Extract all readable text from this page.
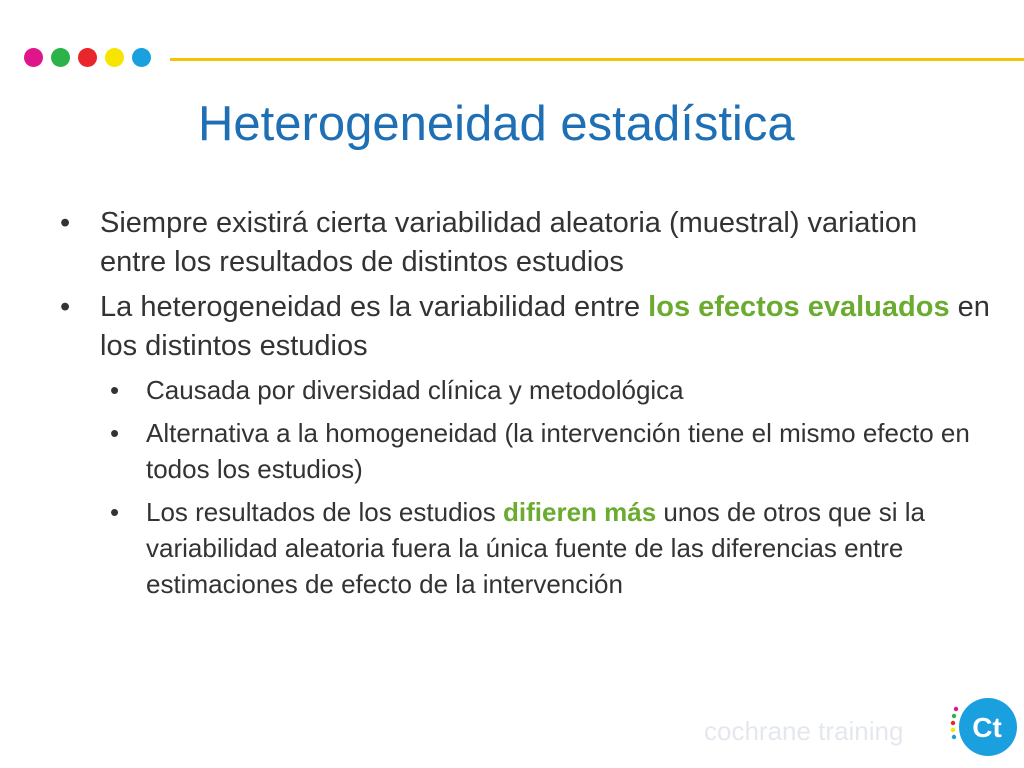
Heterogeneidad estadística
• Siempre existirá cierta variabilidad aleatoria (muestral) variation entre los resultados de distintos estudios
• La heterogeneidad es la variabilidad entre los efectos evaluados en los distintos estudios
• Causada por diversidad clínica y metodológica
• Alternativa a la homogeneidad (la intervención tiene el mismo efecto en todos los estudios)
• Los resultados de los estudios difieren más unos de otros que si la variabilidad aleatoria fuera la única fuente de las diferencias entre estimaciones de efecto de la intervención
cochrane training Ct
